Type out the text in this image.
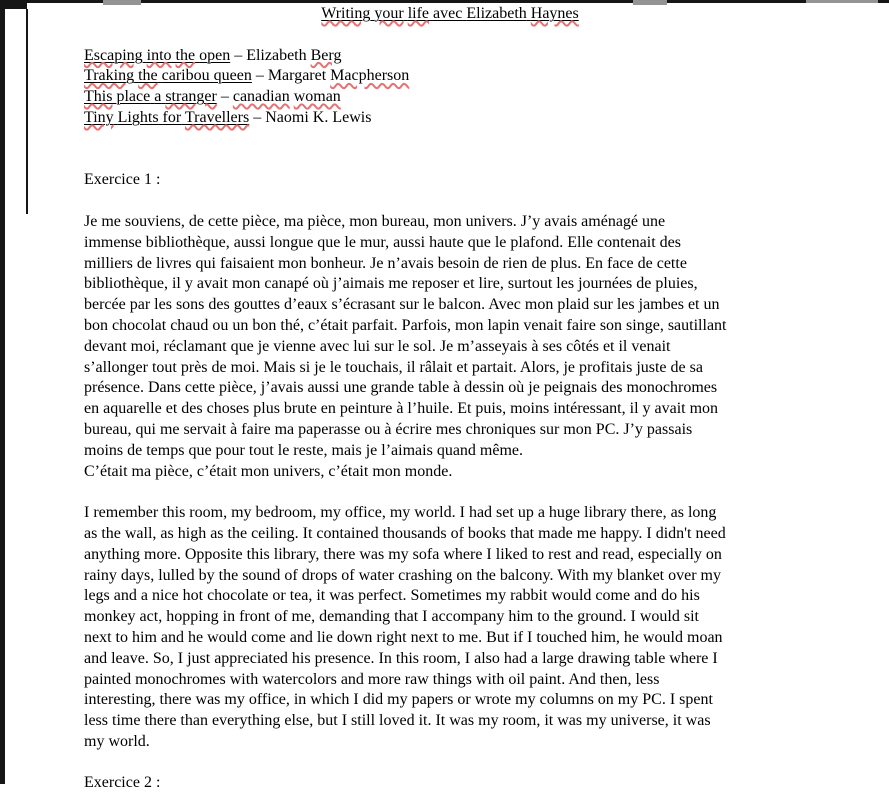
Writing your life avec Elizabeth Haynes
Escaping into the open – Elizabeth Berg
Traking the caribou queen – Margaret Macpherson
This place a stranger – canadian woman
Tiny Lights for Travellers – Naomi K. Lewis
Exercice 1 :
Je me souviens, de cette pièce, ma pièce, mon bureau, mon univers. J’y avais aménagé une
immense bibliothèque, aussi longue que le mur, aussi haute que le plafond. Elle contenait des
milliers de livres qui faisaient mon bonheur. Je n’avais besoin de rien de plus. En face de cette
bibliothèque, il y avait mon canapé où j’aimais me reposer et lire, surtout les journées de pluies,
bercée par les sons des gouttes d’eaux s’écrasant sur le balcon. Avec mon plaid sur les jambes et un
bon chocolat chaud ou un bon thé, c’était parfait. Parfois, mon lapin venait faire son singe, sautillant
devant moi, réclamant que je vienne avec lui sur le sol. Je m’asseyais à ses côtés et il venait
s’allonger tout près de moi. Mais si je le touchais, il râlait et partait. Alors, je profitais juste de sa
présence. Dans cette pièce, j’avais aussi une grande table à dessin où je peignais des monochromes
en aquarelle et des choses plus brute en peinture à l’huile. Et puis, moins intéressant, il y avait mon
bureau, qui me servait à faire ma paperasse ou à écrire mes chroniques sur mon PC. J’y passais
moins de temps que pour tout le reste, mais je l’aimais quand même.
C’était ma pièce, c’était mon univers, c’était mon monde.
I remember this room, my bedroom, my office, my world. I had set up a huge library there, as long
as the wall, as high as the ceiling. It contained thousands of books that made me happy. I didn't need
anything more. Opposite this library, there was my sofa where I liked to rest and read, especially on
rainy days, lulled by the sound of drops of water crashing on the balcony. With my blanket over my
legs and a nice hot chocolate or tea, it was perfect. Sometimes my rabbit would come and do his
monkey act, hopping in front of me, demanding that I accompany him to the ground. I would sit
next to him and he would come and lie down right next to me. But if I touched him, he would moan
and leave. So, I just appreciated his presence. In this room, I also had a large drawing table where I
painted monochromes with watercolors and more raw things with oil paint. And then, less
interesting, there was my office, in which I did my papers or wrote my columns on my PC. I spent
less time there than everything else, but I still loved it. It was my room, it was my universe, it was
my world.
Exercice 2 :
